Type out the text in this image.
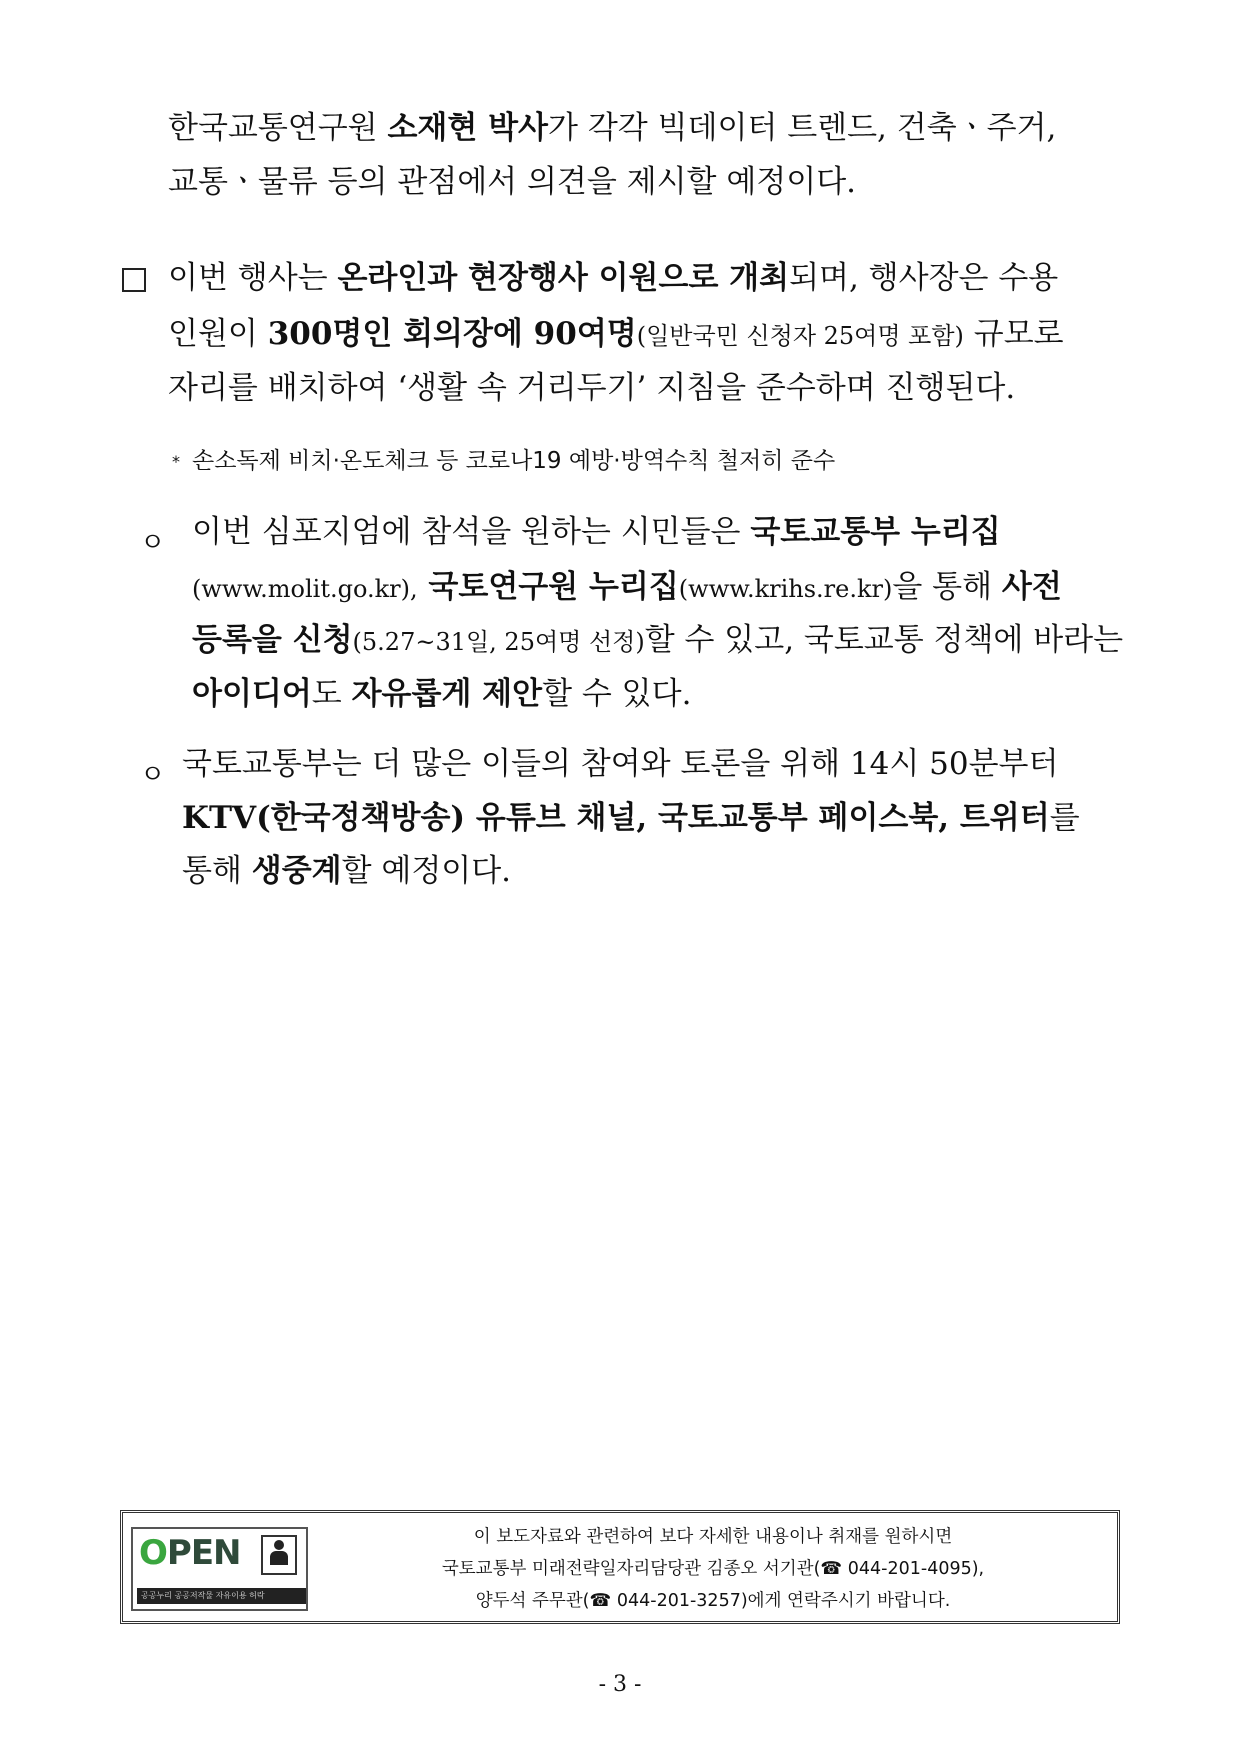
한국교통연구원 소재현 박사가 각각 빅데이터 트렌드, 건축ㆍ주거,
교통ㆍ물류 등의 관점에서 의견을 제시할 예정이다.
이번 행사는 온라인과 현장행사 이원으로 개최되며, 행사장은 수용
인원이 300명인 회의장에 90여명(일반국민 신청자 25여명 포함) 규모로
자리를 배치하여 ‘생활 속 거리두기’ 지침을 준수하며 진행된다.
* 손소독제 비치·온도체크 등 코로나19 예방·방역수칙 철저히 준수
ㅇ 이번 심포지엄에 참석을 원하는 시민들은 국토교통부 누리집
(www.molit.go.kr), 국토연구원 누리집(www.krihs.re.kr)을 통해 사전
등록을 신청(5.27~31일, 25여명 선정)할 수 있고, 국토교통 정책에 바라는
아이디어도 자유롭게 제안할 수 있다.
ㅇ 국토교통부는 더 많은 이들의 참여와 토론을 위해 14시 50분부터
KTV(한국정책방송) 유튜브 채널, 국토교통부 페이스북, 트위터를
통해 생중계할 예정이다.
OPEN
공공누리 공공저작물 자유이용 허락
이 보도자료와 관련하여 보다 자세한 내용이나 취재를 원하시면
국토교통부 미래전략일자리담당관 김종오 서기관(☎ 044-201-4095),
양두석 주무관(☎ 044-201-3257)에게 연락주시기 바랍니다.
- 3 -
